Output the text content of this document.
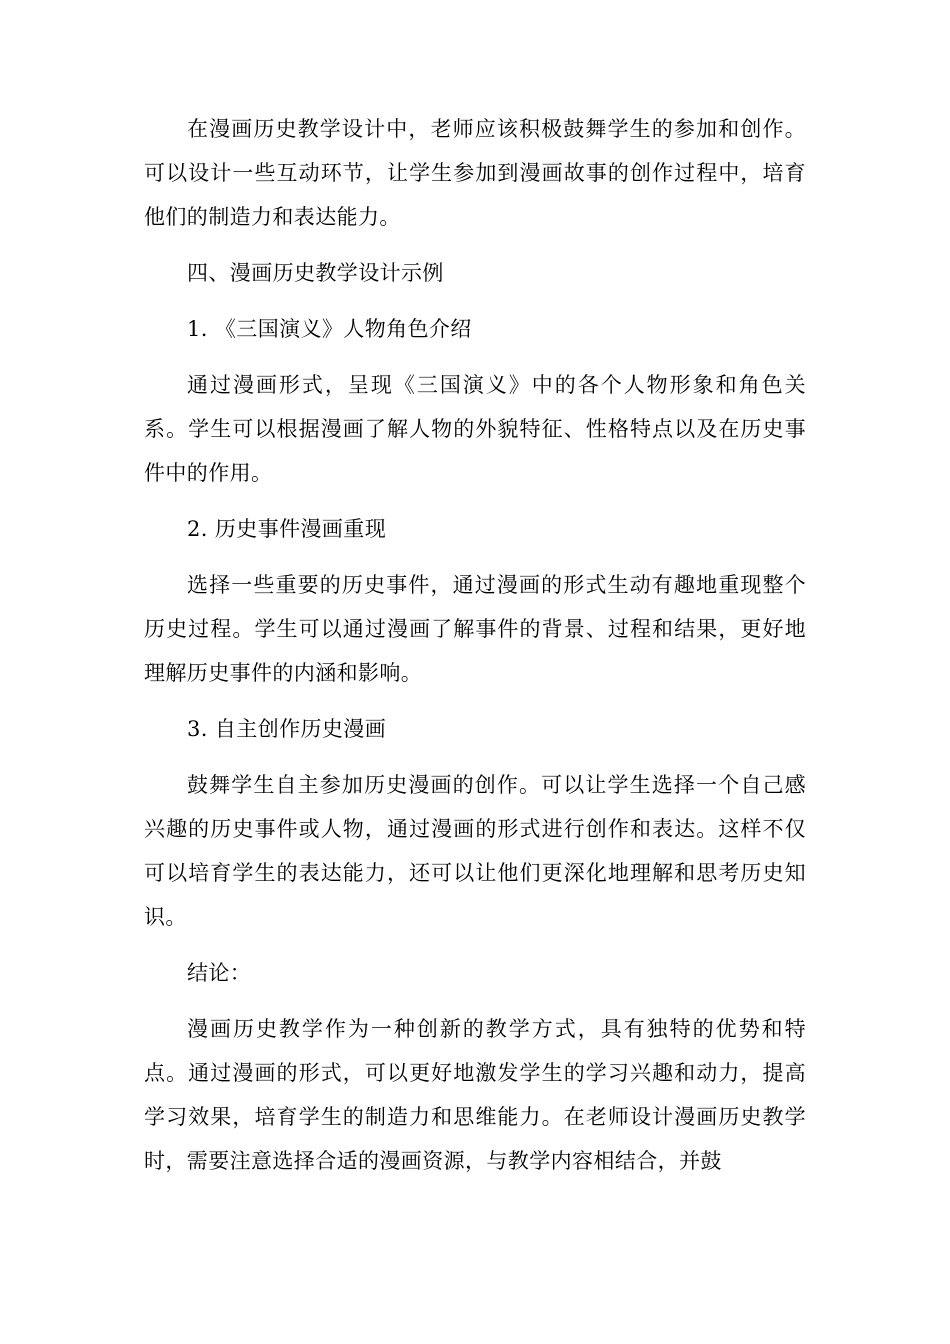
在漫画历史教学设计中，老师应该积极鼓舞学生的参加和创作。可以设计一些互动环节，让学生参加到漫画故事的创作过程中，培育他们的制造力和表达能力。

四、漫画历史教学设计示例

1. 《三国演义》人物角色介绍

通过漫画形式，呈现《三国演义》中的各个人物形象和角色关系。学生可以根据漫画了解人物的外貌特征、性格特点以及在历史事件中的作用。

2. 历史事件漫画重现

选择一些重要的历史事件，通过漫画的形式生动有趣地重现整个历史过程。学生可以通过漫画了解事件的背景、过程和结果，更好地理解历史事件的内涵和影响。

3. 自主创作历史漫画

鼓舞学生自主参加历史漫画的创作。可以让学生选择一个自己感兴趣的历史事件或人物，通过漫画的形式进行创作和表达。这样不仅可以培育学生的表达能力，还可以让他们更深化地理解和思考历史知识。

结论：

漫画历史教学作为一种创新的教学方式，具有独特的优势和特点。通过漫画的形式，可以更好地激发学生的学习兴趣和动力，提高学习效果，培育学生的制造力和思维能力。在老师设计漫画历史教学时，需要注意选择合适的漫画资源，与教学内容相结合，并鼓
